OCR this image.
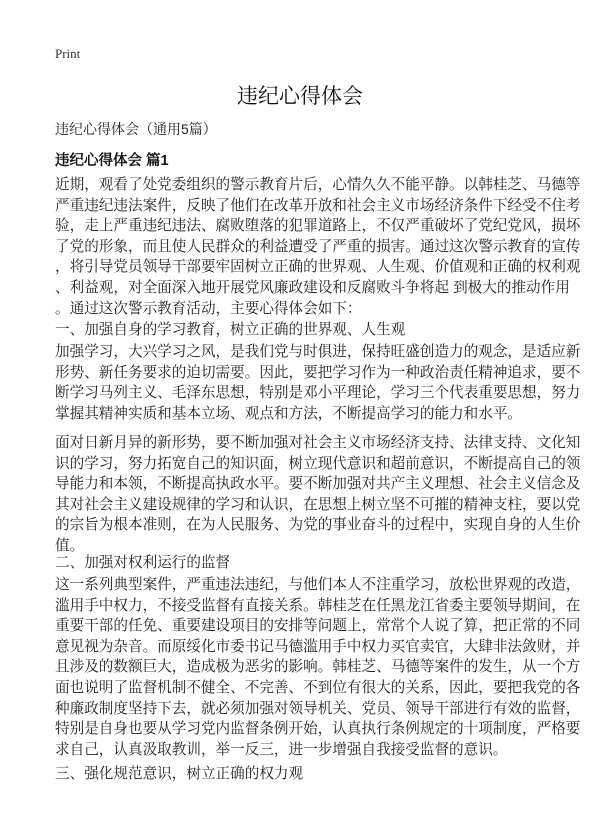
Print
违纪心得体会
违纪心得体会（通用5篇）
违纪心得体会 篇1
近期，观看了处党委组织的警示教育片后，心情久久不能平静。以韩桂芝、马德等
严重违纪违法案件，反映了他们在改革开放和社会主义市场经济条件下经受不住考
验，走上严重违纪违法、腐败堕落的犯罪道路上，不仅严重破坏了党纪党风，损坏
了党的形象，而且使人民群众的利益遭受了严重的损害。通过这次警示教育的宣传
，将引导党员领导干部要牢固树立正确的世界观、人生观、价值观和正确的权利观
、利益观，对全面深入地开展党风廉政建设和反腐败斗争将起 到极大的推动作用
。通过这次警示教育活动，主要心得体会如下：
一、加强自身的学习教育，树立正确的世界观、人生观
加强学习，大兴学习之风，是我们党与时俱进，保持旺盛创造力的观念，是适应新
形势、新任务要求的迫切需要。因此，要把学习作为一种政治责任精神追求，要不
断学习马列主义、毛泽东思想，特别是邓小平理论，学习三个代表重要思想，努力
掌握其精神实质和基本立场、观点和方法，不断提高学习的能力和水平。
面对日新月异的新形势，要不断加强对社会主义市场经济支持、法律支持、文化知
识的学习，努力拓宽自己的知识面，树立现代意识和超前意识，不断提高自己的领
导能力和本领，不断提高执政水平。要不断加强对共产主义理想、社会主义信念及
其对社会主义建设规律的学习和认识，在思想上树立坚不可摧的精神支柱，要以党
的宗旨为根本准则，在为人民服务、为党的事业奋斗的过程中，实现自身的人生价
值。
二、加强对权利运行的监督
这一系列典型案件，严重违法违纪，与他们本人不注重学习，放松世界观的改造，
滥用手中权力，不接受监督有直接关系。韩桂芝在任黑龙江省委主要领导期间，在
重要干部的任免、重要建设项目的安排等问题上，常常个人说了算，把正常的不同
意见视为杂音。而原绥化市委书记马德滥用手中权力买官卖官，大肆非法敛财，并
且涉及的数额巨大，造成极为恶劣的影响。韩桂芝、马德等案件的发生，从一个方
面也说明了监督机制不健全、不完善、不到位有很大的关系，因此，要把我党的各
种廉政制度坚持下去，就必须加强对领导机关、党员、领导干部进行有效的监督，
特别是自身也要从学习党内监督条例开始，认真执行条例规定的十项制度，严格要
求自己，认真汲取教训，举一反三，进一步增强自我接受监督的意识。
三、强化规范意识，树立正确的权力观
